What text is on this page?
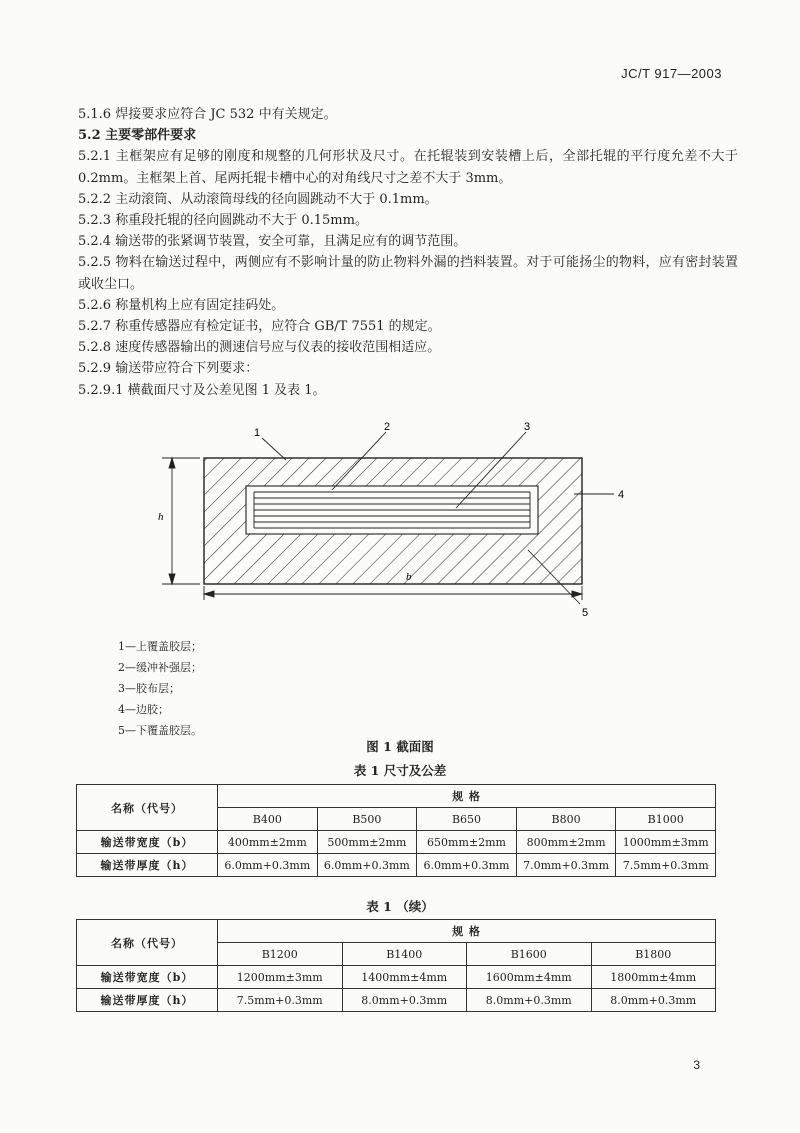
JC/T 917—2003

5.1.6 焊接要求应符合 JC 532 中有关规定。

5.2 主要零部件要求

5.2.1 主框架应有足够的刚度和规整的几何形状及尺寸。在托辊装到安装槽上后，全部托辊的平行度允差不大于 0.2mm。主框架上首、尾两托辊卡槽中心的对角线尺寸之差不大于 3mm。

5.2.2 主动滚筒、从动滚筒母线的径向圆跳动不大于 0.1mm。

5.2.3 称重段托辊的径向圆跳动不大于 0.15mm。

5.2.4 输送带的张紧调节装置，安全可靠，且满足应有的调节范围。

5.2.5 物料在输送过程中，两侧应有不影响计量的防止物料外漏的挡料装置。对于可能扬尘的物料，应有密封装置或收尘口。

5.2.6 称量机构上应有固定挂码处。

5.2.7 称重传感器应有检定证书，应符合 GB/T 7551 的规定。

5.2.8 速度传感器输出的测速信号应与仪表的接收范围相适应。

5.2.9 输送带应符合下列要求：

5.2.9.1 横截面尺寸及公差见图 1 及表 1。

h
b
1	2	3
4
5
1—上覆盖胶层；
2—缓冲补强层；
3—胶布层；
4—边胶；
5—下覆盖胶层。
图 1 截面图
表 1 尺寸及公差
名称（代号）	规 格				
	B400	B500	B650	B800	B1000
输送带宽度（b）	400mm±2mm	500mm±2mm	650mm±2mm	800mm±2mm	1000mm±3mm
输送带厚度（h）	6.0mm+0.3mm	6.0mm+0.3mm	6.0mm+0.3mm	7.0mm+0.3mm	7.5mm+0.3mm
表 1 （续）
名称（代号）	规 格			
	B1200	B1400	B1600	B1800
输送带宽度（b）	1200mm±3mm	1400mm±4mm	1600mm±4mm	1800mm±4mm
输送带厚度（h）	7.5mm+0.3mm	8.0mm+0.3mm	8.0mm+0.3mm	8.0mm+0.3mm
3
